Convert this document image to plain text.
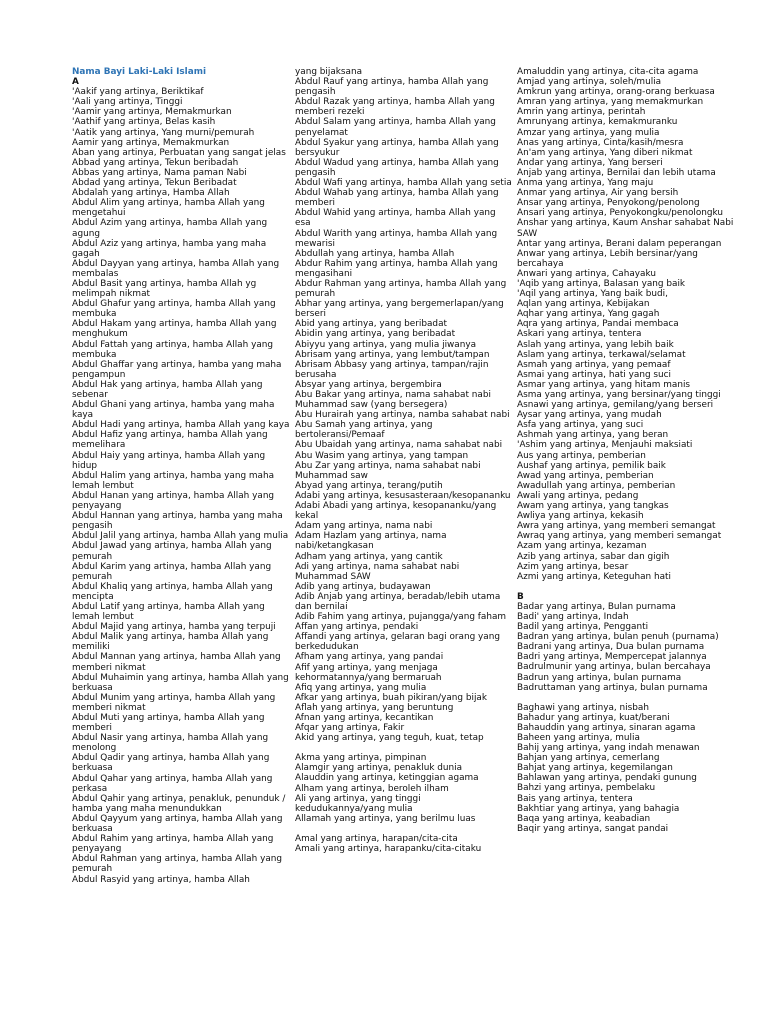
Nama Bayi Laki-Laki Islami
A
'Aakif yang artinya, Beriktikaf
'Aali yang artinya, Tinggi
'Aamir yang artinya, Memakmurkan
'Aathif yang artinya, Belas kasih
'Aatik yang artinya, Yang murni/pemurah
Aamir yang artinya, Memakmurkan
Aban yang artinya, Perbuatan yang sangat jelas
Abbad yang artinya, Tekun beribadah
Abbas yang artinya, Nama paman Nabi
Abdad yang artinya, Tekun Beribadat
Abdalah yang artinya, Hamba Allah
Abdul Alim yang artinya, hamba Allah yang mengetahui
Abdul Azim yang artinya, hamba Allah yang agung
Abdul Aziz yang artinya, hamba yang maha gagah
Abdul Dayyan yang artinya, hamba Allah yang membalas
Abdul Basit yang artinya, hamba Allah yg melimpah nikmat
Abdul Ghafur yang artinya, hamba Allah yang membuka
Abdul Hakam yang artinya, hamba Allah yang menghukum
Abdul Fattah yang artinya, hamba Allah yang membuka
Abdul Ghaffar yang artinya, hamba yang maha pengampun
Abdul Hak yang artinya, hamba Allah yang sebenar
Abdul Ghani yang artinya, hamba yang maha kaya
Abdul Hadi yang artinya, hamba Allah yang kaya
Abdul Hafiz yang artinya, hamba Allah yang memelihara
Abdul Haiy yang artinya, hamba Allah yang hidup
Abdul Halim yang artinya, hamba yang maha lemah lembut
Abdul Hanan yang artinya, hamba Allah yang penyayang
Abdul Hannan yang artinya, hamba yang maha pengasih
Abdul Jalil yang artinya, hamba Allah yang mulia
Abdul Jawad yang artinya, hamba Allah yang pemurah
Abdul Karim yang artinya, hamba Allah yang pemurah
Abdul Khaliq yang artinya, hamba Allah yang mencipta
Abdul Latif yang artinya, hamba Allah yang lemah lembut
Abdul Majid yang artinya, hamba yang terpuji
Abdul Malik yang artinya, hamba Allah yang memiliki
Abdul Mannan yang artinya, hamba Allah yang memberi nikmat
Abdul Muhaimin yang artinya, hamba Allah yang berkuasa
Abdul Munim yang artinya, hamba Allah yang memberi nikmat
Abdul Muti yang artinya, hamba Allah yang memberi
Abdul Nasir yang artinya, hamba Allah yang menolong
Abdul Qadir yang artinya, hamba Allah yang berkuasa
Abdul Qahar yang artinya, hamba Allah yang perkasa
Abdul Qahir yang artinya, penakluk, penunduk / hamba yang maha menundukkan
Abdul Qayyum yang artinya, hamba Allah yang berkuasa
Abdul Rahim yang artinya, hamba Allah yang penyayang
Abdul Rahman yang artinya, hamba Allah yang pemurah
Abdul Rasyid yang artinya, hamba Allah
yang bijaksana
Abdul Rauf yang artinya, hamba Allah yang pengasih
Abdul Razak yang artinya, hamba Allah yang memberi rezeki
Abdul Salam yang artinya, hamba Allah yang penyelamat
Abdul Syakur yang artinya, hamba Allah yang bersyukur
Abdul Wadud yang artinya, hamba Allah yang pengasih
Abdul Wafi yang artinya, hamba Allah yang setia
Abdul Wahab yang artinya, hamba Allah yang memberi
Abdul Wahid yang artinya, hamba Allah yang esa
Abdul Warith yang artinya, hamba Allah yang mewarisi
Abdullah yang artinya, hamba Allah
Abdur Rahim yang artinya, hamba Allah yang mengasihani
Abdur Rahman yang artinya, hamba Allah yang pemurah
Abhar yang artinya, yang bergemerlapan/yang berseri
Abid yang artinya, yang beribadat
Abidin yang artinya, yang beribadat
Abiyyu yang artinya, yang mulia jiwanya
Abrisam yang artinya, yang lembut/tampan
Abrisam Abbasy yang artinya, tampan/rajin berusaha
Absyar yang artinya, bergembira
Abu Bakar yang artinya, nama sahabat nabi
Muhammad saw (yang bersegera)
Abu Hurairah yang artinya, namba sahabat nabi
Abu Samah yang artinya, yang bertoleransi/Pemaaf
Abu Ubaidah yang artinya, nama sahabat nabi
Abu Wasim yang artinya, yang tampan
Abu Zar yang artinya, nama sahabat nabi
Muhammad saw
Abyad yang artinya, terang/putih
Adabi yang artinya, kesusasteraan/kesopananku
Adabi Abadi yang artinya, kesopananku/yang kekal
Adam yang artinya, nama nabi
Adam Hazlam yang artinya, nama nabi/ketangkasan
Adham yang artinya, yang cantik
Adi yang artinya, nama sahabat nabi
Muhammad SAW
Adib yang artinya, budayawan
Adib Anjab yang artinya, beradab/lebih utama dan bernilai
Adib Fahim yang artinya, pujangga/yang faham
Affan yang artinya, pendaki
Affandi yang artinya, gelaran bagi orang yang berkedudukan
Afham yang artinya, yang pandai
Afif yang artinya, yang menjaga kehormatannya/yang bermaruah
Afiq yang artinya, yang mulia
Afkar yang artinya, buah pikiran/yang bijak
Aflah yang artinya, yang beruntung
Afnan yang artinya, kecantikan
Afqar yang artinya, Fakir
Akid yang artinya, yang teguh, kuat, tetap
Akma yang artinya, pimpinan
Alamgir yang artinya, penakluk dunia
Alauddin yang artinya, ketinggian agama
Alham yang artinya, beroleh ilham
Ali yang artinya, yang tinggi kedudukannya/yang mulia
Allamah yang artinya, yang berilmu luas
Amal yang artinya, harapan/cita-cita
Amali yang artinya, harapanku/cita-citaku
Amaluddin yang artinya, cita-cita agama
Amjad yang artinya, soleh/mulia
Amkrun yang artinya, orang-orang berkuasa
Amran yang artinya, yang memakmurkan
Amrin yang artinya, perintah
Amrunyang artinya, kemakmuranku
Amzar yang artinya, yang mulia
Anas yang artinya, Cinta/kasih/mesra
An'am yang artinya, Yang diberi nikmat
Andar yang artinya, Yang berseri
Anjab yang artinya, Bernilai dan lebih utama
Anma yang artinya, Yang maju
Anmar yang artinya, Air yang bersih
Ansar yang artinya, Penyokong/penolong
Ansari yang artinya, Penyokongku/penolongku
Anshar yang artinya, Kaum Anshar sahabat Nabi SAW
Antar yang artinya, Berani dalam peperangan
Anwar yang artinya, Lebih bersinar/yang bercahaya
Anwari yang artinya, Cahayaku
'Aqib yang artinya, Balasan yang baik
'Aqil yang artinya, Yang baik budi,
Aqlan yang artinya, Kebijakan
Aqhar yang artinya, Yang gagah
Aqra yang artinya, Pandai membaca
Askari yang artinya, tentera
Aslah yang artinya, yang lebih baik
Aslam yang artinya, terkawal/selamat
Asmah yang artinya, yang pemaaf
Asmai yang artinya, hati yang suci
Asmar yang artinya, yang hitam manis
Asma yang artinya, yang bersinar/yang tinggi
Asnawi yang artinya, gemilang/yang berseri
Aysar yang artinya, yang mudah
Asfa yang artinya, yang suci
Ashmah yang artinya, yang beran
'Ashim yang artinya, Menjauhi maksiati
Aus yang artinya, pemberian
Aushaf yang artinya, pemilik baik
Awad yang artinya, pemberian
Awadullah yang artinya, pemberian
Awali yang artinya, pedang
Awam yang artinya, yang tangkas
Awliya yang artinya, kekasih
Awra yang artinya, yang memberi semangat
Awraq yang artinya, yang memberi semangat
Azam yang artinya, kezaman
Azib yang artinya, sabar dan gigih
Azim yang artinya, besar
Azmi yang artinya, Keteguhan hati
B
Badar yang artinya, Bulan purnama
Badi' yang artinya, Indah
Badil yang artinya, Pengganti
Badran yang artinya, bulan penuh (purnama)
Badrani yang artinya, Dua bulan purnama
Badri yang artinya, Mempercepat jalannya
Badrulmunir yang artinya, bulan bercahaya
Badrun yang artinya, bulan purnama
Badruttaman yang artinya, bulan purnama
Baghawi yang artinya, nisbah
Bahadur yang artinya, kuat/berani
Bahauddin yang artinya, sinaran agama
Baheen yang artinya, mulia
Bahij yang artinya, yang indah menawan
Bahjan yang artinya, cemerlang
Bahjat yang artinya, kegemilangan
Bahlawan yang artinya, pendaki gunung
Bahzi yang artinya, pembelaku
Bais yang artinya, tentera
Bakhtiar yang artinya, yang bahagia
Baqa yang artinya, keabadian
Baqir yang artinya, sangat pandai
